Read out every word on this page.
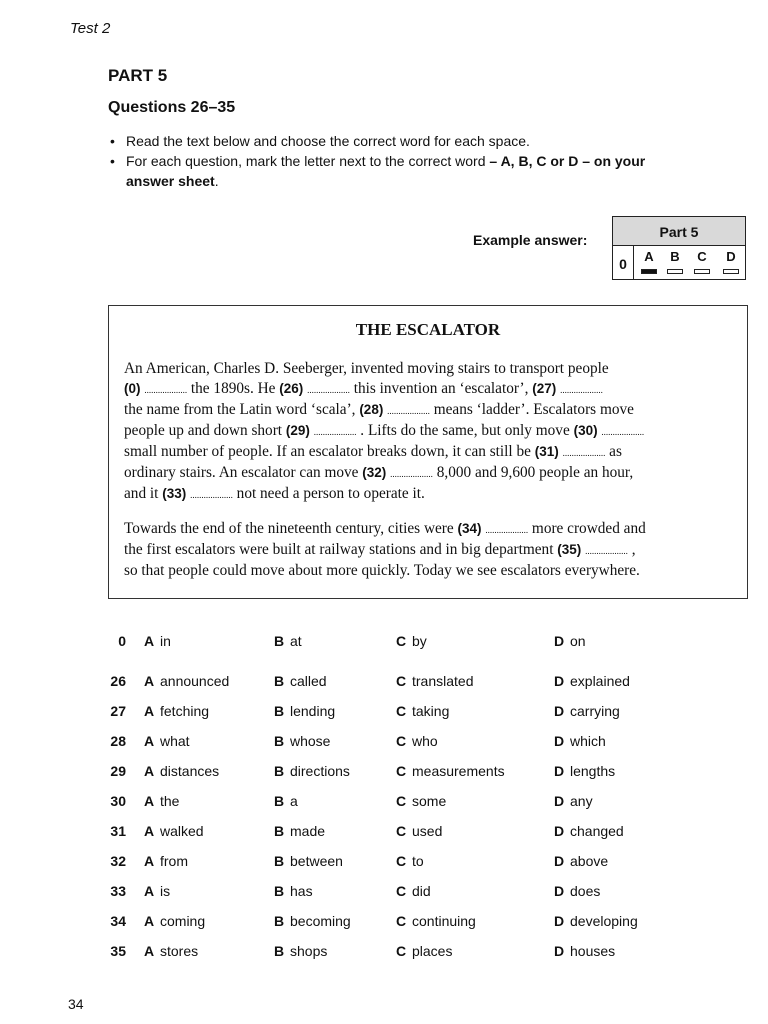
Test 2
PART 5
Questions 26–35
• Read the text below and choose the correct word for each space.
• For each question, mark the letter next to the correct word – A, B, C or D – on your answer sheet.
Example answer:	Part 5
0	A	B	C	D
THE ESCALATOR
An American, Charles D. Seeberger, invented moving stairs to transport people
(0) ................... the 1890s. He (26) ................... this invention an ‘escalator’, (27) ...................
the name from the Latin word ‘scala’, (28) ................... means ‘ladder’. Escalators move
people up and down short (29) ................... . Lifts do the same, but only move (30) ...................
small number of people. If an escalator breaks down, it can still be (31) ................... as
ordinary stairs. An escalator can move (32) ................... 8,000 and 9,600 people an hour,
and it (33) ................... not need a person to operate it.
Towards the end of the nineteenth century, cities were (34) ................... more crowded and
the first escalators were built at railway stations and in big department (35) ................... ,
so that people could move about more quickly. Today we see escalators everywhere.
0 A in	B at	C by	D on
26 A announced	B called	C translated	D explained
27 A fetching	B lending	C taking	D carrying
28 A what	B whose	C who	D which
29 A distances	B directions	C measurements	D lengths
30 A the	B a	C some	D any
31 A walked	B made	C used	D changed
32 A from	B between	C to	D above
33 A is	B has	C did	D does
34 A coming	B becoming	C continuing	D developing
35 A stores	B shops	C places	D houses
34
